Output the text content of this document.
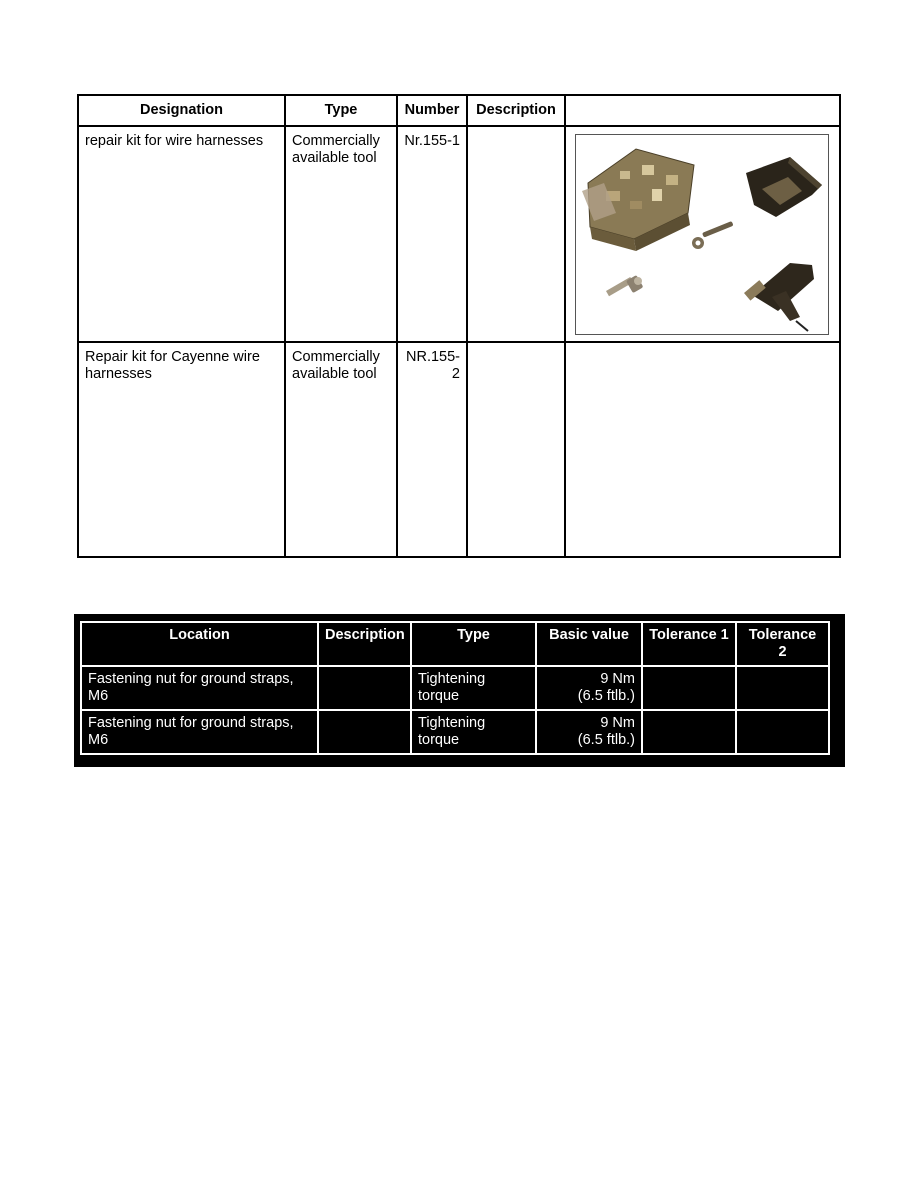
Designation	Type	Number	Description	
repair kit for wire harnesses	Commercially available tool	Nr.155-1		

Repair kit for Cayenne wire harnesses	Commercially available tool	NR.155-2		
Location	Description	Type	Basic value	Tolerance 1	Tolerance 2
Fastening nut for ground straps, M6		Tightening torque	9 Nm
(6.5 ftlb.)		

Fastening nut for ground straps, M6		Tightening torque	9 Nm
(6.5 ftlb.)		
